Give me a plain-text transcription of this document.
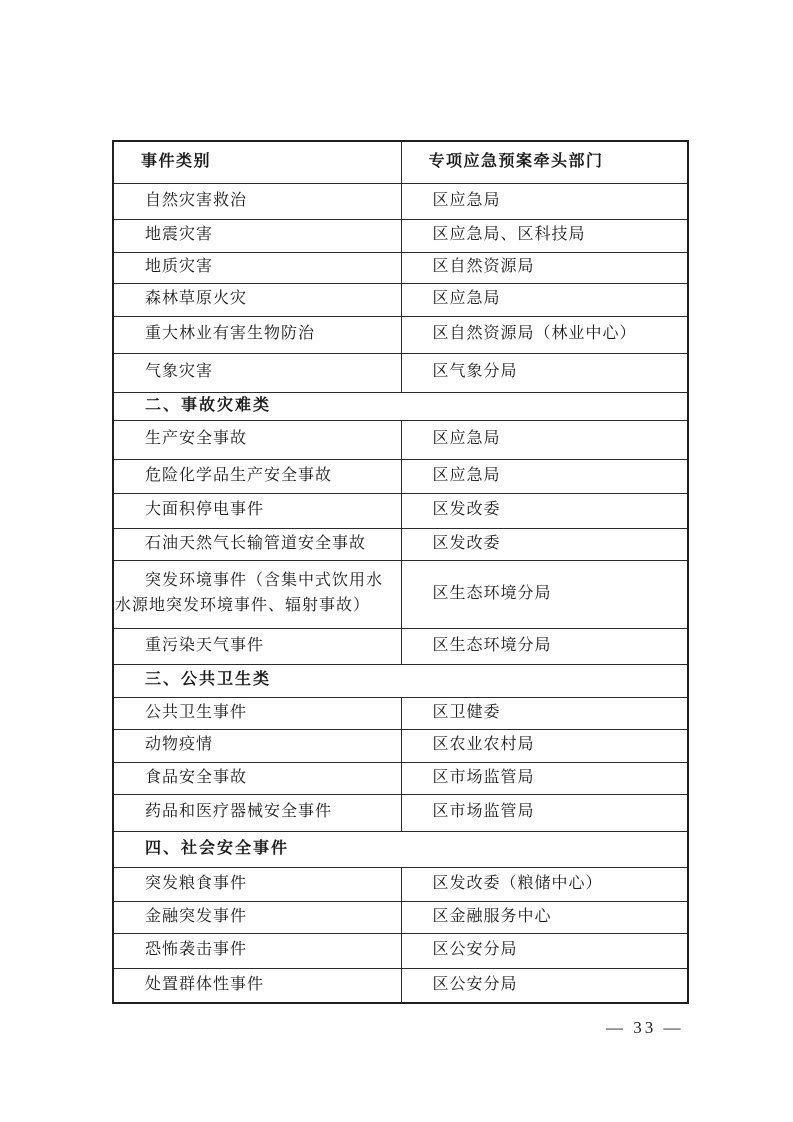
事件类别	专项应急预案牵头部门
自然灾害救治	区应急局
地震灾害	区应急局、区科技局
地质灾害	区自然资源局
森林草原火灾	区应急局
重大林业有害生物防治	区自然资源局（林业中心）
气象灾害	区气象分局
二、事故灾难类	
生产安全事故	区应急局
危险化学品生产安全事故	区应急局
大面积停电事件	区发改委
石油天然气长输管道安全事故	区发改委
突发环境事件（含集中式饮用水水源地突发环境事件、辐射事故）	区生态环境分局
重污染天气事件	区生态环境分局
三、公共卫生类	
公共卫生事件	区卫健委
动物疫情	区农业农村局
食品安全事故	区市场监管局
药品和医疗器械安全事件	区市场监管局
四、社会安全事件	
突发粮食事件	区发改委（粮储中心）
金融突发事件	区金融服务中心
恐怖袭击事件	区公安分局
处置群体性事件	区公安分局
— 33 —
